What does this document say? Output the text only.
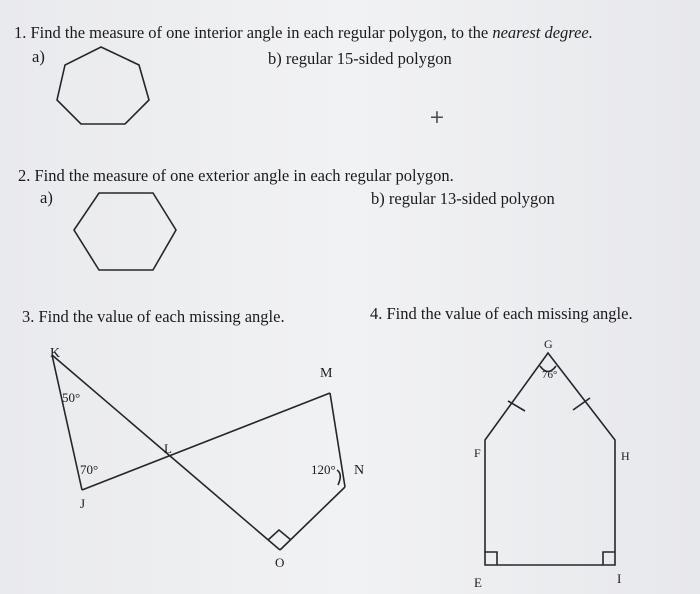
1. Find the measure of one interior angle in each regular polygon, to the nearest degree.
a)	b) regular 15-sided polygon
+
2. Find the measure of one exterior angle in each regular polygon.
a)	b) regular 13-sided polygon
3. Find the value of each missing angle.	4. Find the value of each missing angle.
K
M
L
J
N
O
50°
70°	120°
G
F	H
E	I
76°
